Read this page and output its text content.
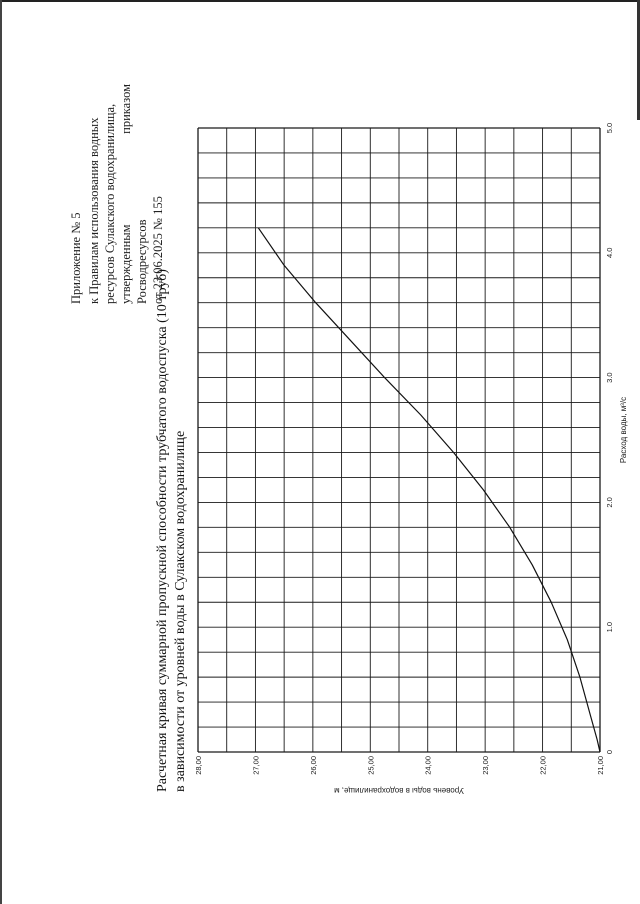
Приложение № 5 к Правилам использования водных ресурсов Сулакского водохранилища, утвержденным приказом Росводресурсов от 23.06.2025 № 155
Расчетная кривая суммарной пропускной способности трубчатого водоспуска (10 труб) в зависимости от уровней воды в Сулакском водохранилище	0
1.0
2.0
3.0
4.0
5.0
21,00
22,00
23,00
24,00
25,00
26,00
27,00
28,00
Расход воды, м³/с
Уровень воды в водохранилище, м
